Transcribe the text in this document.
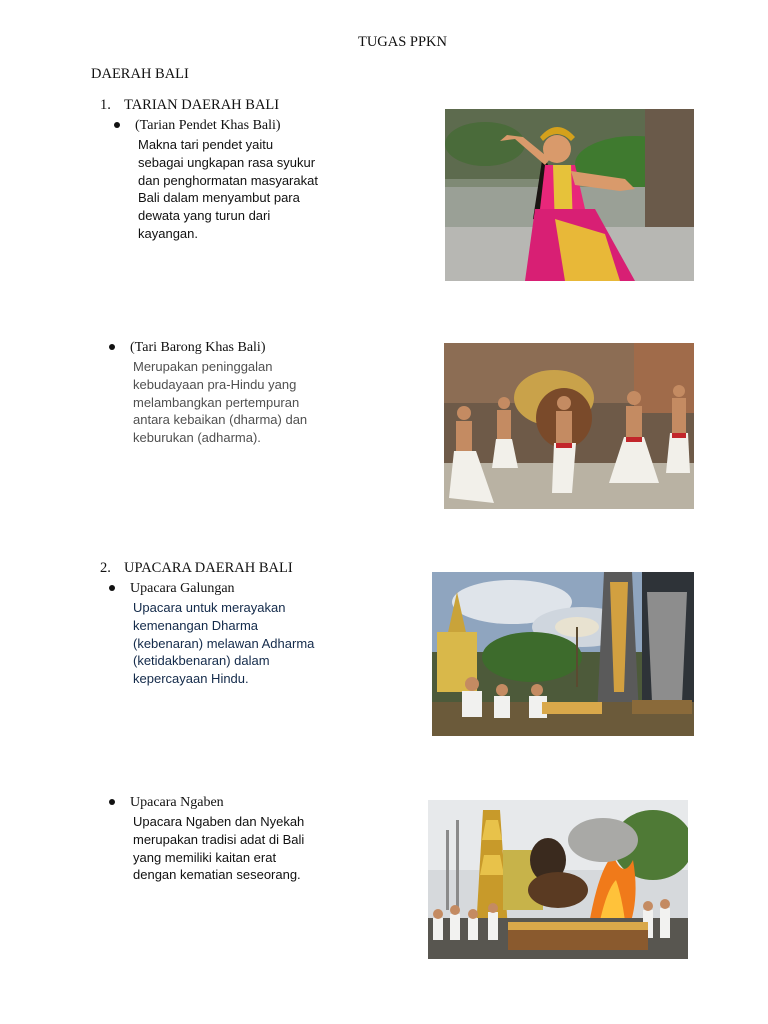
TUGAS PPKN
DAERAH BALI
1. TARIAN DAERAH BALI
(Tarian Pendet Khas Bali)
Makna tari pendet yaitu
sebagai ungkapan rasa syukur
dan penghormatan masyarakat
Bali dalam menyambut para
dewata yang turun dari
kayangan.
(Tari Barong Khas Bali)
Merupakan peninggalan
kebudayaan pra-Hindu yang
melambangkan pertempuran
antara kebaikan (dharma) dan
keburukan (adharma).
2. UPACARA DAERAH BALI
Upacara Galungan
Upacara untuk merayakan
kemenangan Dharma
(kebenaran) melawan Adharma
(ketidakbenaran) dalam
kepercayaan Hindu.
Upacara Ngaben
Upacara Ngaben dan Nyekah
merupakan tradisi adat di Bali
yang memiliki kaitan erat
dengan kematian seseorang.
